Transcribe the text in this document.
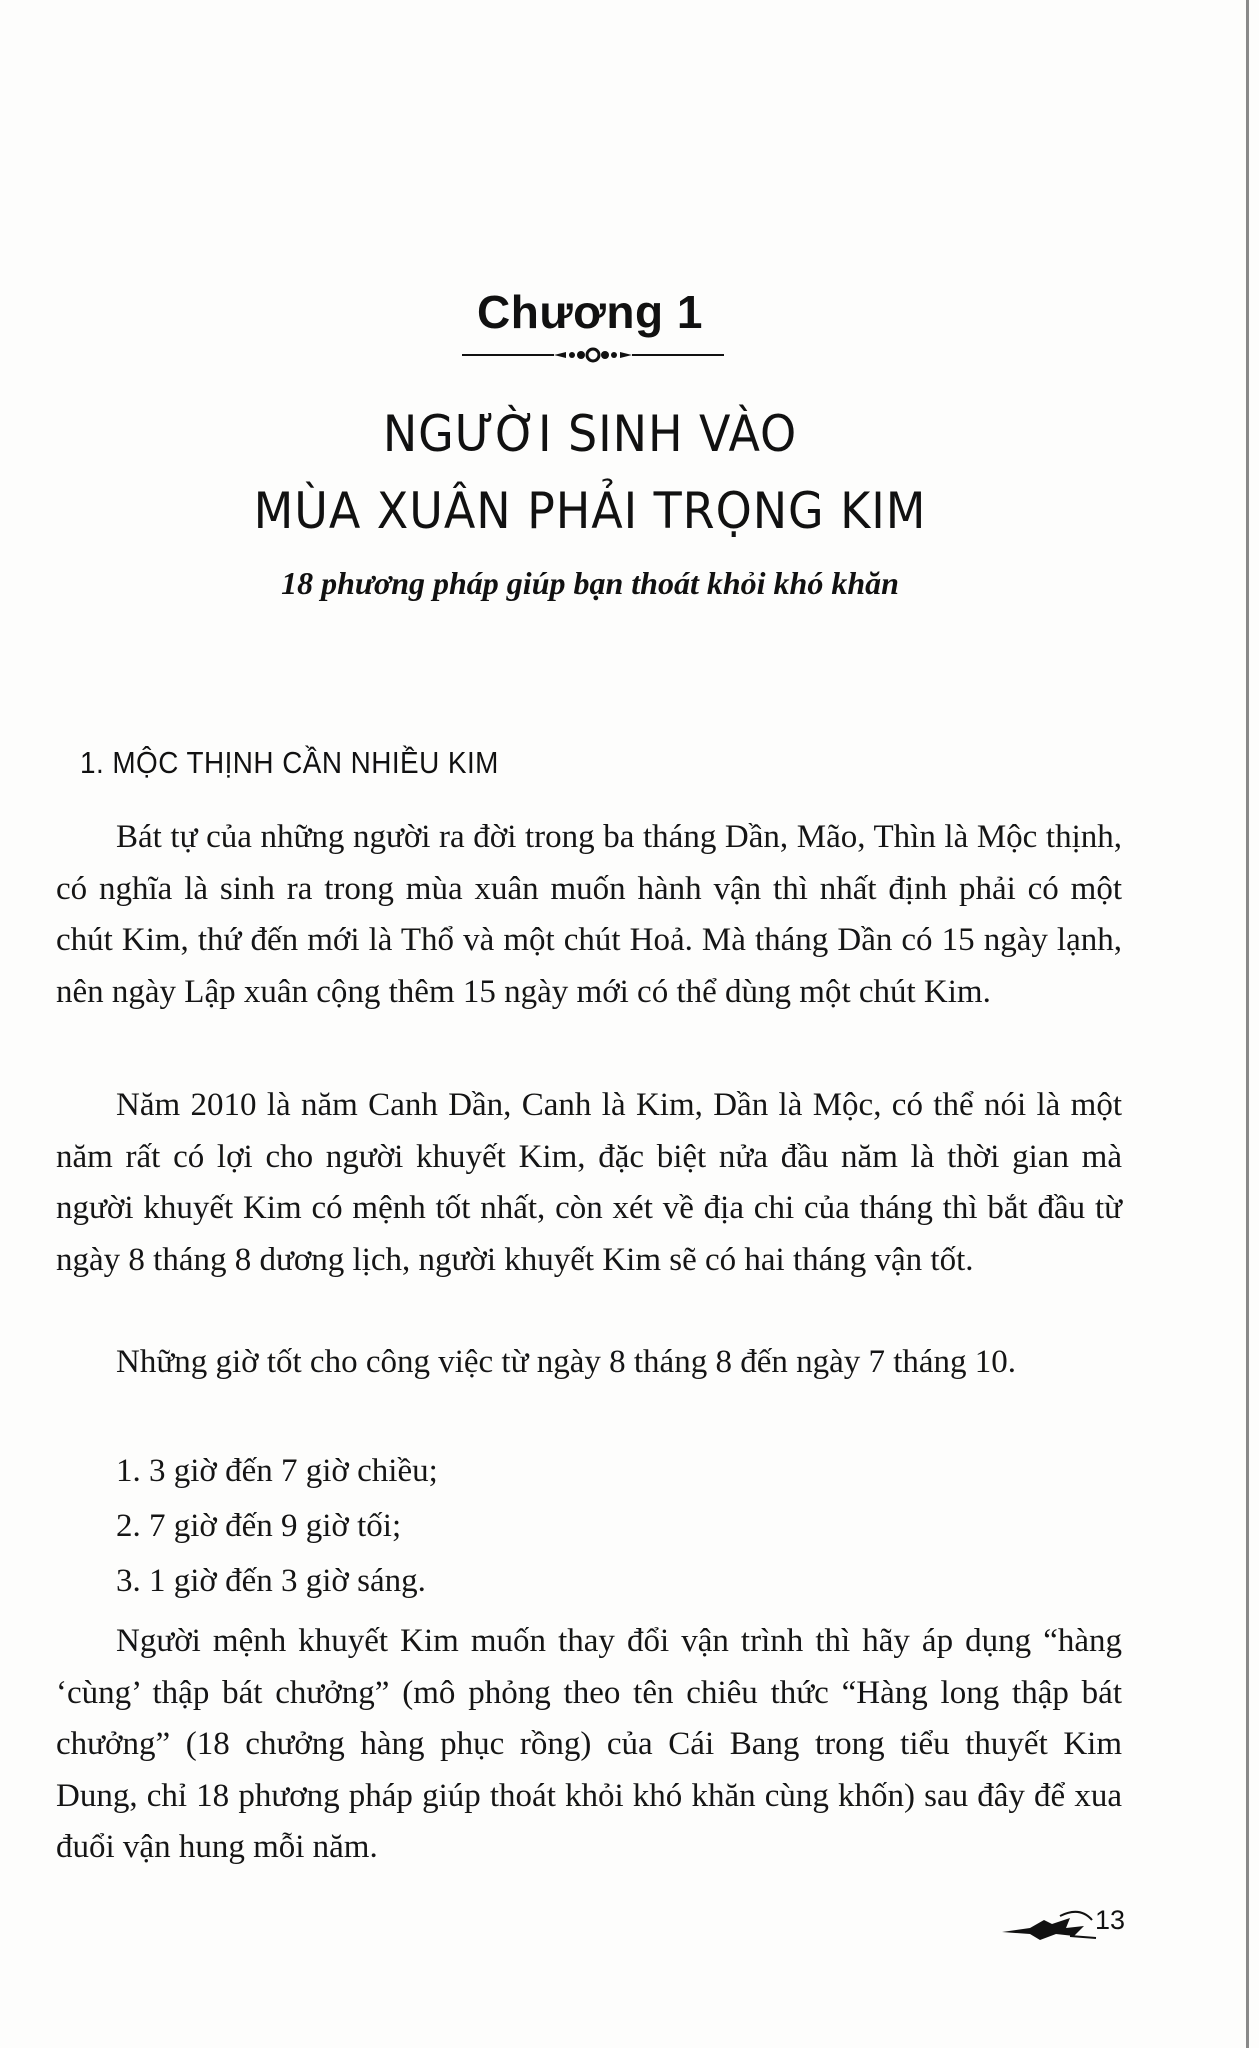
Chương 1
NGƯỜI SINH VÀO
MÙA XUÂN PHẢI TRỌNG KIM
18 phương pháp giúp bạn thoát khỏi khó khăn
1. MỘC THỊNH CẦN NHIỀU KIM

Bát tự của những người ra đời trong ba tháng Dần, Mão, Thìn là Mộc thịnh, có nghĩa là sinh ra trong mùa xuân muốn hành vận thì nhất định phải có một chút Kim, thứ đến mới là Thổ và một chút Hoả. Mà tháng Dần có 15 ngày lạnh, nên ngày Lập xuân cộng thêm 15 ngày mới có thể dùng một chút Kim.

Năm 2010 là năm Canh Dần, Canh là Kim, Dần là Mộc, có thể nói là một năm rất có lợi cho người khuyết Kim, đặc biệt nửa đầu năm là thời gian mà người khuyết Kim có mệnh tốt nhất, còn xét về địa chi của tháng thì bắt đầu từ ngày 8 tháng 8 dương lịch, người khuyết Kim sẽ có hai tháng vận tốt.

Những giờ tốt cho công việc từ ngày 8 tháng 8 đến ngày 7 tháng 10.

1. 3 giờ đến 7 giờ chiều;
2. 7 giờ đến 9 giờ tối;
3. 1 giờ đến 3 giờ sáng.

Người mệnh khuyết Kim muốn thay đổi vận trình thì hãy áp dụng “hàng ‘cùng’ thập bát chưởng” (mô phỏng theo tên chiêu thức “Hàng long thập bát chưởng” (18 chưởng hàng phục rồng) của Cái Bang trong tiểu thuyết Kim Dung, chỉ 18 phương pháp giúp thoát khỏi khó khăn cùng khốn) sau đây để xua đuổi vận hung mỗi năm.

13
